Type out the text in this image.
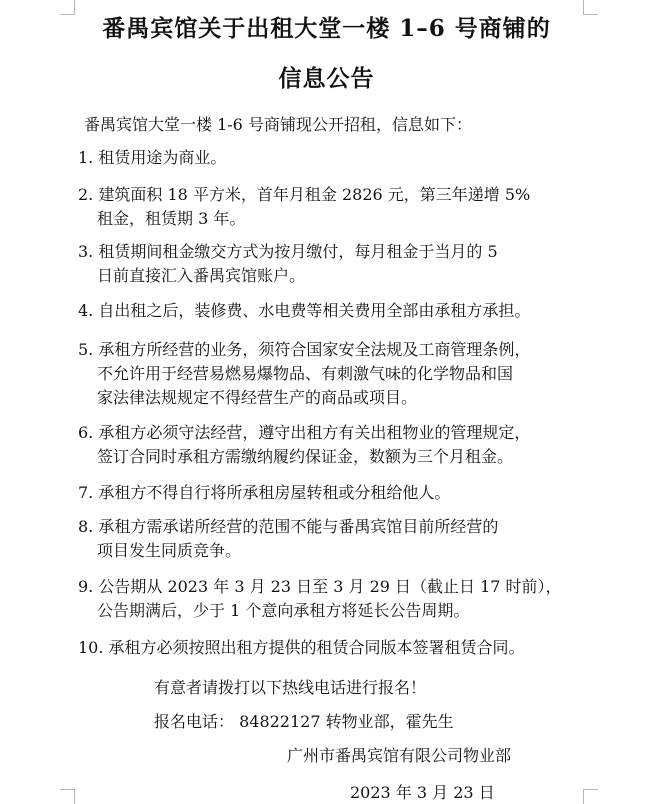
番禺宾馆关于出租大堂一楼 1–6 号商铺的
信息公告
番禺宾馆大堂一楼 1-6 号商铺现公开招租，信息如下：
1. 租赁用途为商业。
2. 建筑面积 18 平方米，首年月租金 2826 元，第三年递增 5%
租金，租赁期 3 年。
3. 租赁期间租金缴交方式为按月缴付，每月租金于当月的 5
日前直接汇入番禺宾馆账户。
4. 自出租之后，装修费、水电费等相关费用全部由承租方承担。
5. 承租方所经营的业务，须符合国家安全法规及工商管理条例，
不允许用于经营易燃易爆物品、有刺激气味的化学物品和国
家法律法规规定不得经营生产的商品或项目。
6. 承租方必须守法经营，遵守出租方有关出租物业的管理规定，
签订合同时承租方需缴纳履约保证金，数额为三个月租金。
7. 承租方不得自行将所承租房屋转租或分租给他人。
8. 承租方需承诺所经营的范围不能与番禺宾馆目前所经营的
项目发生同质竞争。
9. 公告期从 2023 年 3 月 23 日至 3 月 29 日（截止日 17 时前），
公告期满后，少于 1 个意向承租方将延长公告周期。
10. 承租方必须按照出租方提供的租赁合同版本签署租赁合同。
有意者请拨打以下热线电话进行报名！
报名电话： 84822127 转物业部，霍先生
广州市番禺宾馆有限公司物业部
2023 年 3 月 23 日
